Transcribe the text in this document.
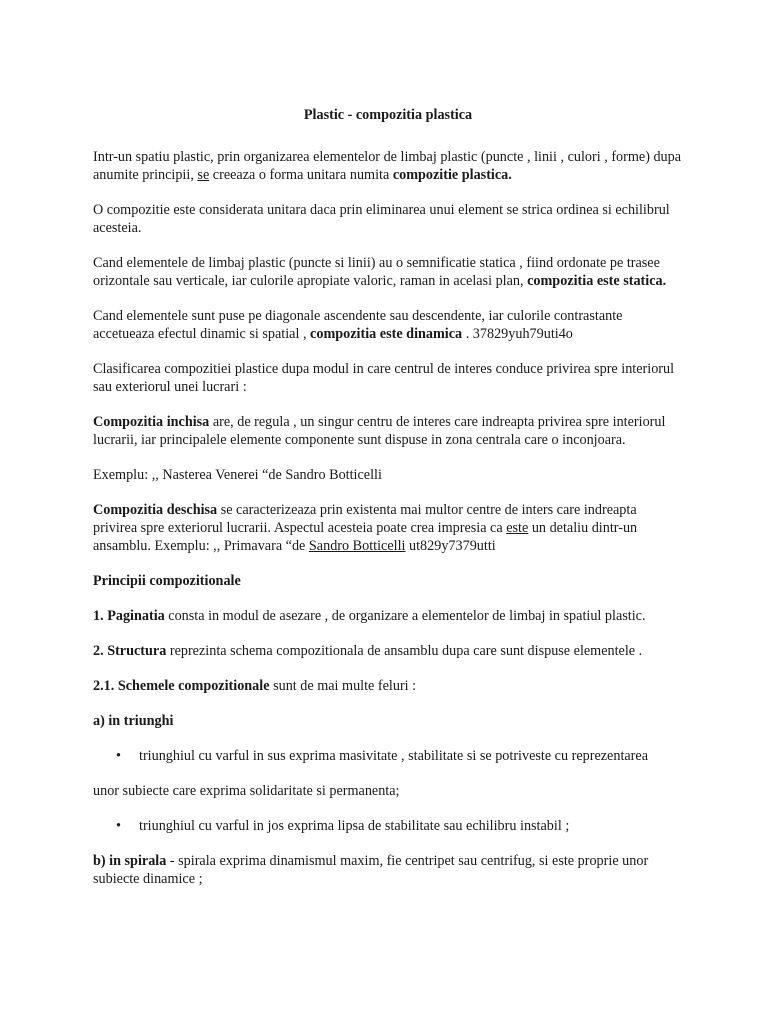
Plastic - compozitia plastica

Intr-un spatiu plastic, prin organizarea elementelor de limbaj plastic (puncte , linii , culori , forme) dupa anumite principii, se creeaza o forma unitara numita compozitie plastica.

O compozitie este considerata unitara daca prin eliminarea unui element se strica ordinea si echilibrul acesteia.

Cand elementele de limbaj plastic (puncte si linii) au o semnificatie statica , fiind ordonate pe trasee orizontale sau verticale, iar culorile apropiate valoric, raman in acelasi plan, compozitia este statica.

Cand elementele sunt puse pe diagonale ascendente sau descendente, iar culorile contrastante accetueaza efectul dinamic si spatial , compozitia este dinamica . 37829yuh79uti4o

Clasificarea compozitiei plastice dupa modul in care centrul de interes conduce privirea spre interiorul sau exteriorul unei lucrari :

Compozitia inchisa are, de regula , un singur centru de interes care indreapta privirea spre interiorul lucrarii, iar principalele elemente componente sunt dispuse in zona centrala care o inconjoara.

Exemplu: ,, Nasterea Venerei “de Sandro Botticelli

Compozitia deschisa se caracterizeaza prin existenta mai multor centre de inters care indreapta privirea spre exteriorul lucrarii. Aspectul acesteia poate crea impresia ca este un detaliu dintr-un ansamblu. Exemplu: ,, Primavara “de Sandro Botticelli ut829y7379utti

Principii compozitionale

1. Paginatia consta in modul de asezare , de organizare a elementelor de limbaj in spatiul plastic.

2. Structura reprezinta schema compozitionala de ansamblu dupa care sunt dispuse elementele .

2.1. Schemele compozitionale sunt de mai multe feluri :

a) in triunghi

• triunghiul cu varful in sus exprima masivitate , stabilitate si se potriveste cu reprezentarea

unor subiecte care exprima solidaritate si permanenta;

• triunghiul cu varful in jos exprima lipsa de stabilitate sau echilibru instabil ;

b) in spirala - spirala exprima dinamismul maxim, fie centripet sau centrifug, si este proprie unor subiecte dinamice ;
